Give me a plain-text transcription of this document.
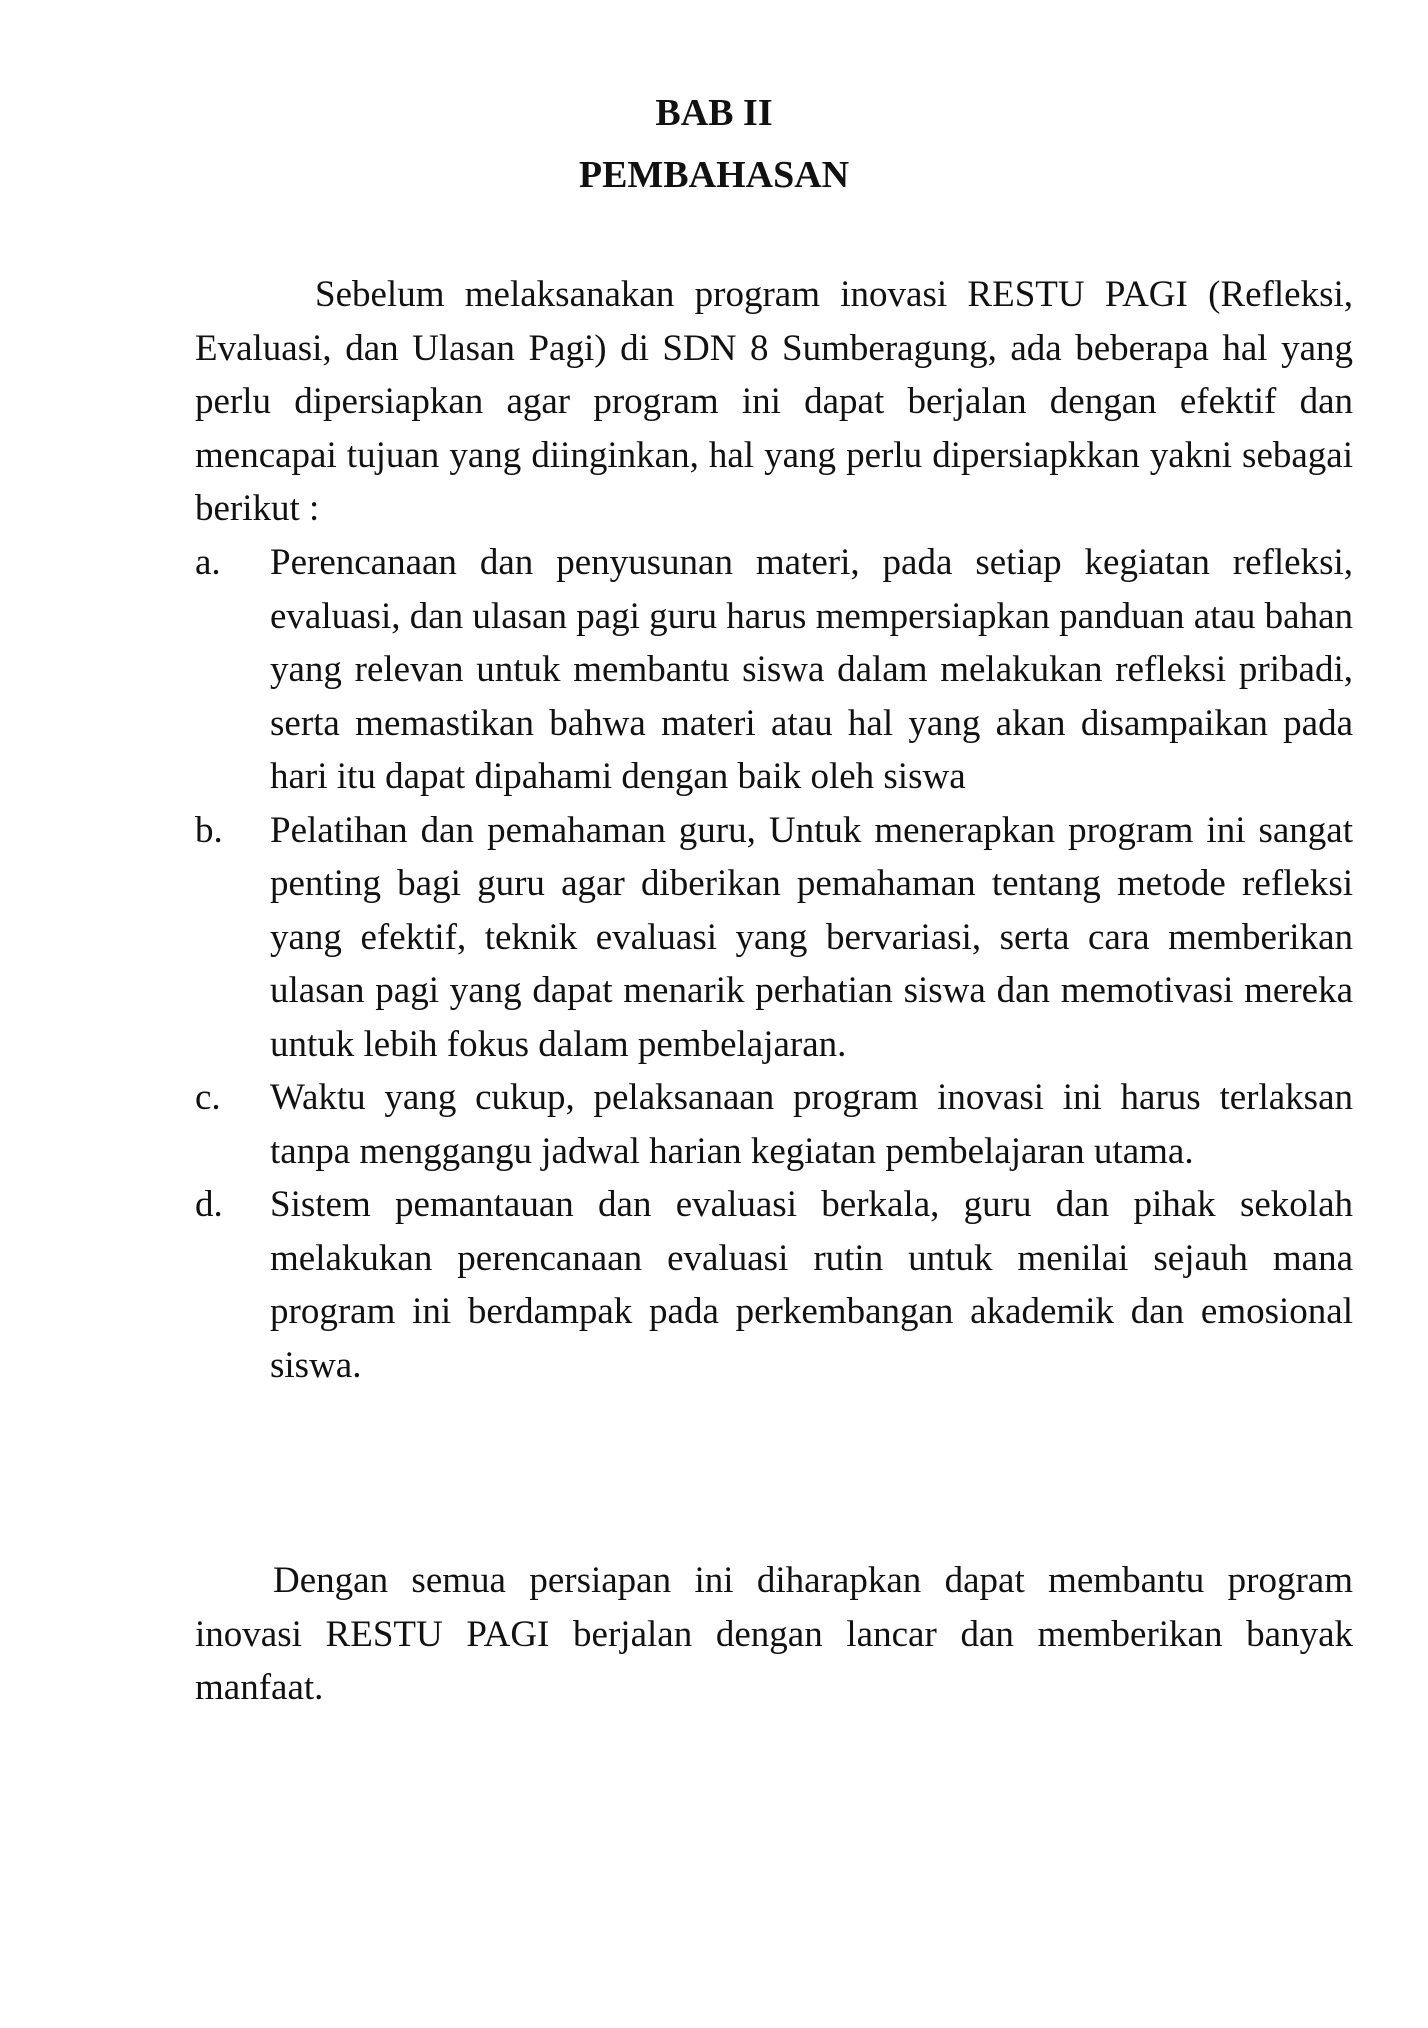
BAB II
PEMBAHASAN

Sebelum melaksanakan program inovasi RESTU PAGI (Refleksi, Evaluasi, dan Ulasan Pagi) di SDN 8 Sumberagung, ada beberapa hal yang perlu dipersiapkan agar program ini dapat berjalan dengan efektif dan mencapai tujuan yang diinginkan, hal yang perlu dipersiapkkan yakni sebagai berikut :

a. Perencanaan dan penyusunan materi, pada setiap kegiatan refleksi, evaluasi, dan ulasan pagi guru harus mempersiapkan panduan atau bahan yang relevan untuk membantu siswa dalam melakukan refleksi pribadi, serta memastikan bahwa materi atau hal yang akan disampaikan pada hari itu dapat dipahami dengan baik oleh siswa
b. Pelatihan dan pemahaman guru, Untuk menerapkan program ini sangat penting bagi guru agar diberikan pemahaman tentang metode refleksi yang efektif, teknik evaluasi yang bervariasi, serta cara memberikan ulasan pagi yang dapat menarik perhatian siswa dan memotivasi mereka untuk lebih fokus dalam pembelajaran.
c. Waktu yang cukup, pelaksanaan program inovasi ini harus terlaksan tanpa menggangu jadwal harian kegiatan pembelajaran utama.
d. Sistem pemantauan dan evaluasi berkala, guru dan pihak sekolah melakukan perencanaan evaluasi rutin untuk menilai sejauh mana program ini berdampak pada perkembangan akademik dan emosional siswa.

Dengan semua persiapan ini diharapkan dapat membantu program inovasi RESTU PAGI berjalan dengan lancar dan memberikan banyak manfaat.
